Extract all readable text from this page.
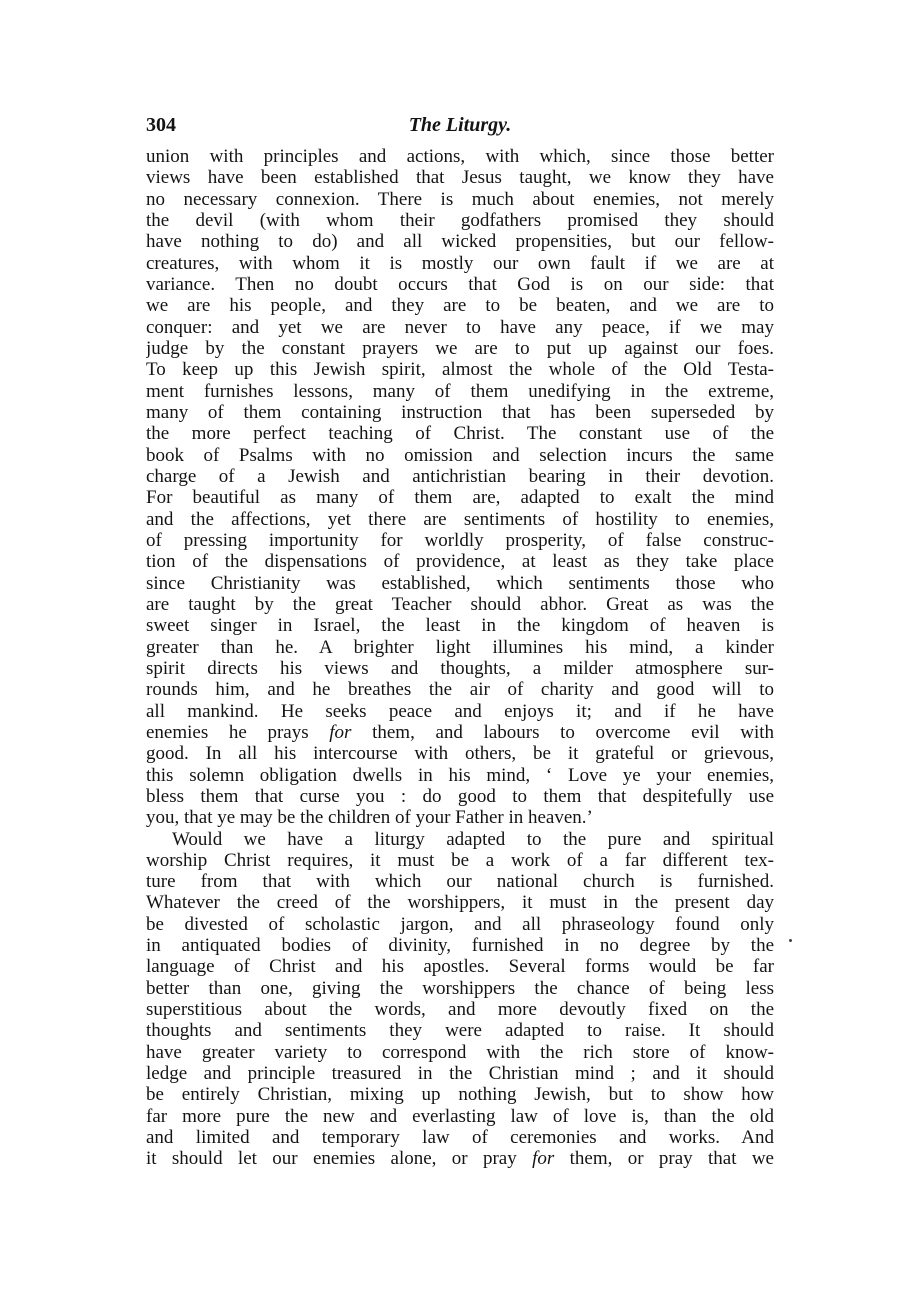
304	The Liturgy.
union with principles and actions, with which, since those better
views have been established that Jesus taught, we know they have
no necessary connexion. There is much about enemies, not merely
the devil (with whom their godfathers promised they should
have nothing to do) and all wicked propensities, but our fellow-
creatures, with whom it is mostly our own fault if we are at
variance. Then no doubt occurs that God is on our side: that
we are his people, and they are to be beaten, and we are to
conquer: and yet we are never to have any peace, if we may
judge by the constant prayers we are to put up against our foes.
To keep up this Jewish spirit, almost the whole of the Old Testa-
ment furnishes lessons, many of them unedifying in the extreme,
many of them containing instruction that has been superseded by
the more perfect teaching of Christ. The constant use of the
book of Psalms with no omission and selection incurs the same
charge of a Jewish and antichristian bearing in their devotion.
For beautiful as many of them are, adapted to exalt the mind
and the affections, yet there are sentiments of hostility to enemies,
of pressing importunity for worldly prosperity, of false construc-
tion of the dispensations of providence, at least as they take place
since Christianity was established, which sentiments those who
are taught by the great Teacher should abhor. Great as was the
sweet singer in Israel, the least in the kingdom of heaven is
greater than he. A brighter light illumines his mind, a kinder
spirit directs his views and thoughts, a milder atmosphere sur-
rounds him, and he breathes the air of charity and good will to
all mankind. He seeks peace and enjoys it; and if he have
enemies he prays for them, and labours to overcome evil with
good. In all his intercourse with others, be it grateful or grievous,
this solemn obligation dwells in his mind, ‘ Love ye your enemies,
bless them that curse you : do good to them that despitefully use
you, that ye may be the children of your Father in heaven.’
Would we have a liturgy adapted to the pure and spiritual
worship Christ requires, it must be a work of a far different tex-
ture from that with which our national church is furnished.
Whatever the creed of the worshippers, it must in the present day
be divested of scholastic jargon, and all phraseology found only
in antiquated bodies of divinity, furnished in no degree by the
language of Christ and his apostles. Several forms would be far
better than one, giving the worshippers the chance of being less
superstitious about the words, and more devoutly fixed on the
thoughts and sentiments they were adapted to raise. It should
have greater variety to correspond with the rich store of know-
ledge and principle treasured in the Christian mind ; and it should
be entirely Christian, mixing up nothing Jewish, but to show how
far more pure the new and everlasting law of love is, than the old
and limited and temporary law of ceremonies and works. And
it should let our enemies alone, or pray for them, or pray that we
